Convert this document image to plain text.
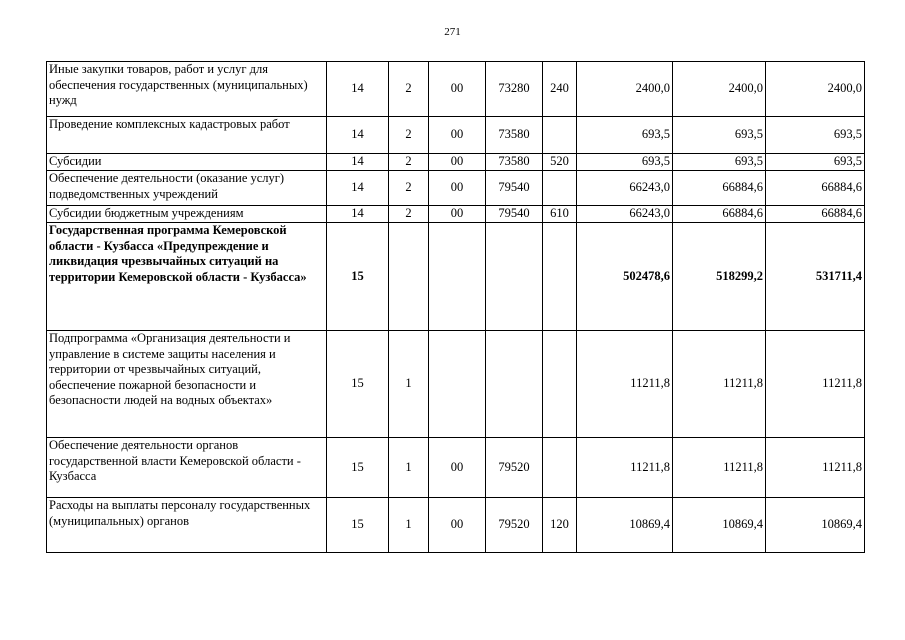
271
Иные закупки товаров, работ и услуг для обеспечения государственных (муниципальных) нужд	14	2	00	73280	240	2400,0	2400,0	2400,0
Проведение комплексных кадастровых работ	14	2	00	73580		693,5	693,5	693,5
Субсидии	14	2	00	73580	520	693,5	693,5	693,5
Обеспечение деятельности (оказание услуг) подведомственных учреждений	14	2	00	79540		66243,0	66884,6	66884,6
Субсидии бюджетным учреждениям	14	2	00	79540	610	66243,0	66884,6	66884,6
Государственная программа Кемеровской области - Кузбасса «Предупреждение и ликвидация чрезвычайных ситуаций на территории Кемеровской области - Кузбасса»	15					502478,6	518299,2	531711,4
Подпрограмма «Организация деятельности и управление в системе защиты населения и территории от чрезвычайных ситуаций, обеспечение пожарной безопасности и безопасности людей на водных объектах»	15	1				11211,8	11211,8	11211,8
Обеспечение деятельности органов государственной власти Кемеровской области - Кузбасса	15	1	00	79520		11211,8	11211,8	11211,8
Расходы на выплаты персоналу государственных (муниципальных) органов	15	1	00	79520	120	10869,4	10869,4	10869,4
